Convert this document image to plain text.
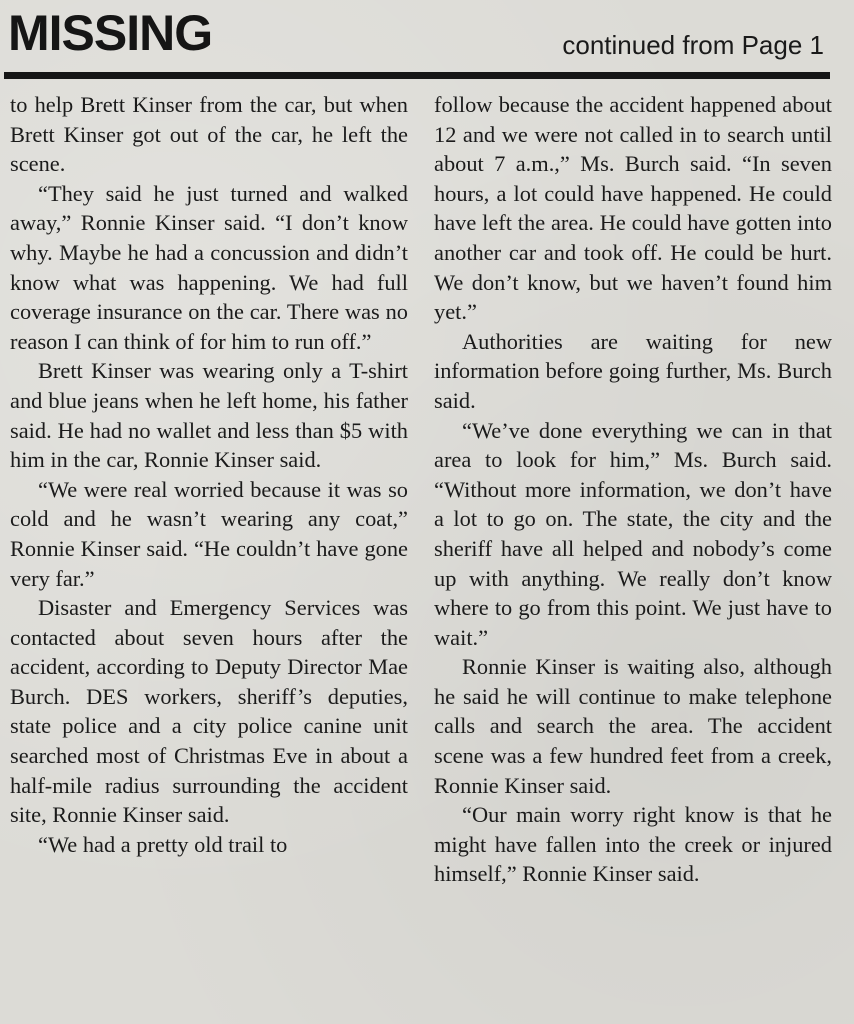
MISSING	continued from Page 1

to help Brett Kinser from the car, but when Brett Kinser got out of the car, he left the scene.

“They said he just turned and walked away,” Ronnie Kinser said. “I don’t know why. Maybe he had a concussion and didn’t know what was happening. We had full coverage insurance on the car. There was no reason I can think of for him to run off.”

Brett Kinser was wearing only a T-shirt and blue jeans when he left home, his father said. He had no wallet and less than $5 with him in the car, Ronnie Kinser said.

“We were real worried because it was so cold and he wasn’t wearing any coat,” Ronnie Kinser said. “He couldn’t have gone very far.”

Disaster and Emergency Services was contacted about seven hours after the accident, according to Deputy Director Mae Burch. DES workers, sheriff’s deputies, state police and a city police canine unit searched most of Christmas Eve in about a half-mile radius surrounding the accident site, Ronnie Kinser said.

“We had a pretty old trail to

follow because the accident happened about 12 and we were not called in to search until about 7 a.m.,” Ms. Burch said. “In seven hours, a lot could have happened. He could have left the area. He could have gotten into another car and took off. He could be hurt. We don’t know, but we haven’t found him yet.”

Authorities are waiting for new information before going further, Ms. Burch said.

“We’ve done everything we can in that area to look for him,” Ms. Burch said. “Without more information, we don’t have a lot to go on. The state, the city and the sheriff have all helped and nobody’s come up with anything. We really don’t know where to go from this point. We just have to wait.”

Ronnie Kinser is waiting also, although he said he will continue to make telephone calls and search the area. The accident scene was a few hundred feet from a creek, Ronnie Kinser said.

“Our main worry right know is that he might have fallen into the creek or injured himself,” Ronnie Kinser said.
